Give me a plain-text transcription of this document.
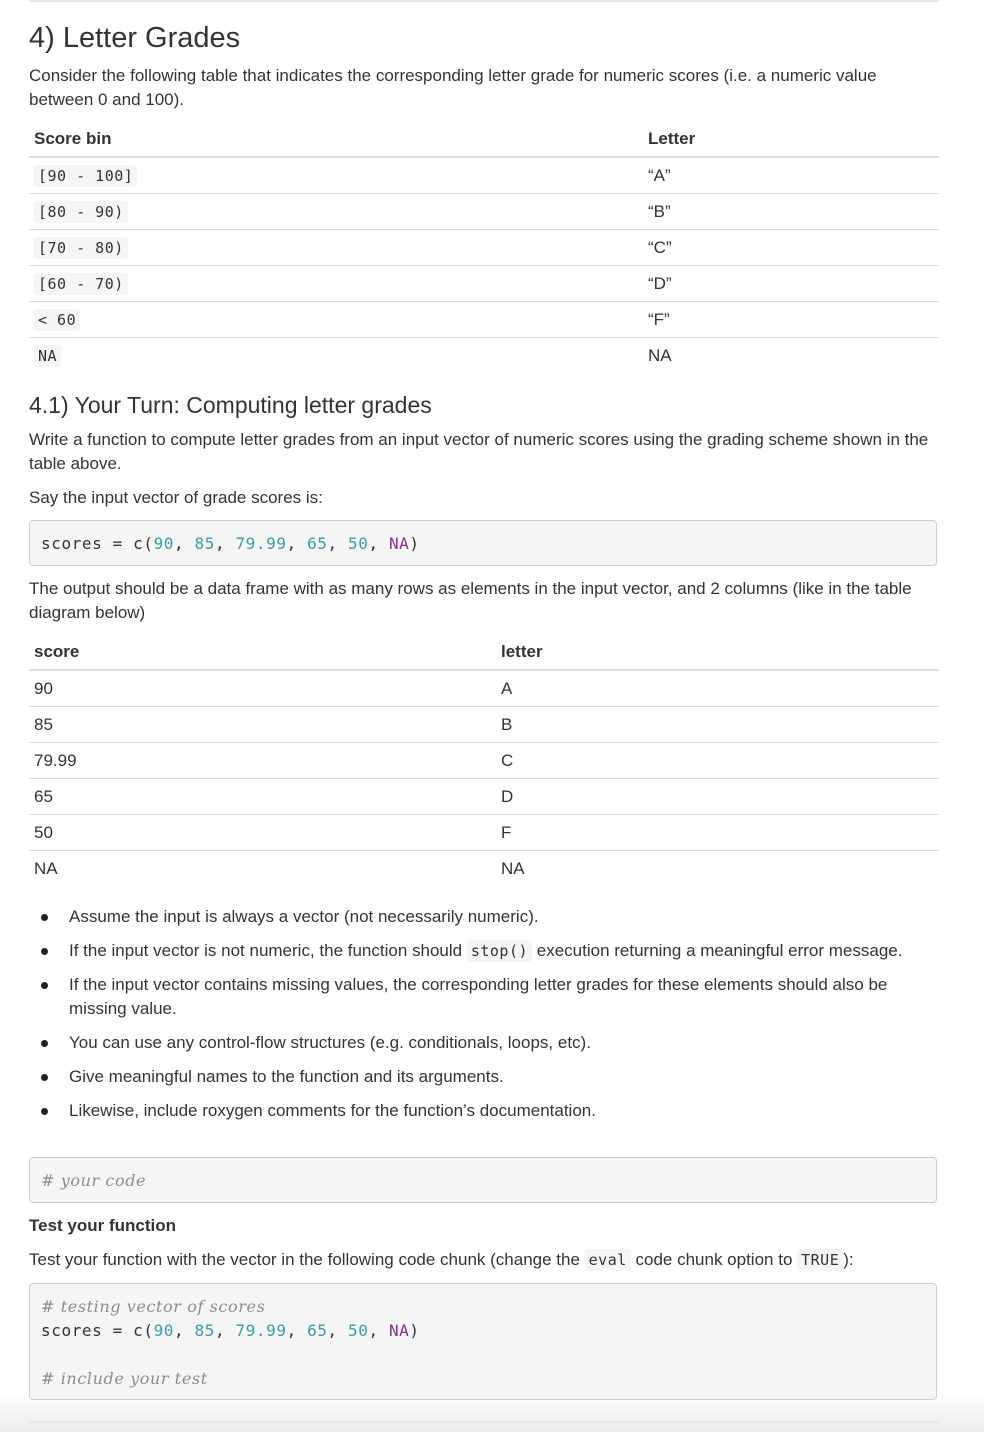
4) Letter Grades

Consider the following table that indicates the corresponding letter grade for numeric scores (i.e. a numeric value between 0 and 100).

Score bin	Letter
[90 - 100]	“A”
[80 - 90)	“B”
[70 - 80)	“C”
[60 - 70)	“D”
< 60	“F”
NA	NA
4.1) Your Turn: Computing letter grades

Write a function to compute letter grades from an input vector of numeric scores using the grading scheme shown in the table above.

Say the input vector of grade scores is:

scores = c(90, 85, 79.99, 65, 50, NA)

The output should be a data frame with as many rows as elements in the input vector, and 2 columns (like in the table diagram below)

score	letter
90	A
85	B
79.99	C
65	D
50	F
NA	NA
Assume the input is always a vector (not necessarily numeric).
If the input vector is not numeric, the function should stop() execution returning a meaningful error message.
If the input vector contains missing values, the corresponding letter grades for these elements should also be missing value.
You can use any control-flow structures (e.g. conditionals, loops, etc).
Give meaningful names to the function and its arguments.
Likewise, include roxygen comments for the function’s documentation.
# your code

Test your function

Test your function with the vector in the following code chunk (change the eval code chunk option to TRUE ):

# testing vector of scores
scores = c(90, 85, 79.99, 65, 50, NA)

# include your test
